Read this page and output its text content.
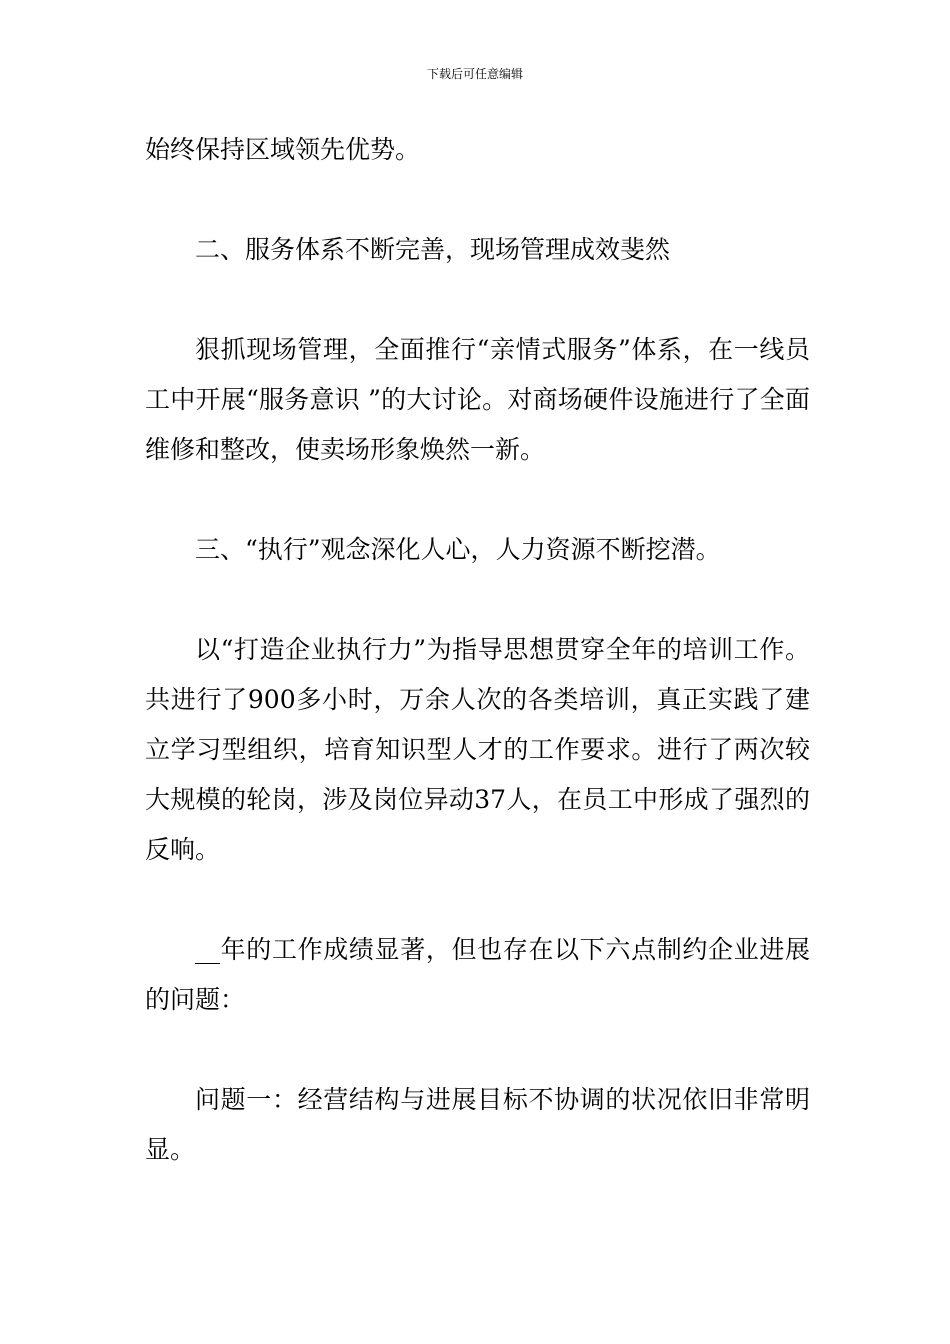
下载后可任意编辑

始终保持区域领先优势。

二、服务体系不断完善，现场管理成效斐然

狠抓现场管理，全面推行“亲情式服务”体系，在一线员工中开展“服务意识 ”的大讨论。对商场硬件设施进行了全面维修和整改，使卖场形象焕然一新。

三、“执行”观念深化人心，人力资源不断挖潜。

以“打造企业执行力”为指导思想贯穿全年的培训工作。共进行了900多小时，万余人次的各类培训，真正实践了建立学习型组织，培育知识型人才的工作要求。进行了两次较大规模的轮岗，涉及岗位异动37人，在员工中形成了强烈的反响。

__年的工作成绩显著，但也存在以下六点制约企业进展的问题：

问题一：经营结构与进展目标不协调的状况依旧非常明显。
